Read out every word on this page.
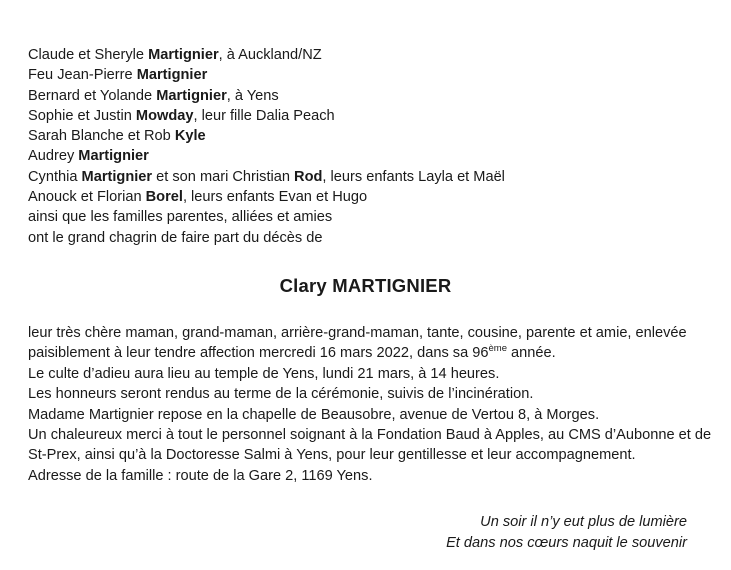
Claude et Sheryle Martignier, à Auckland/NZ
Feu Jean-Pierre Martignier
Bernard et Yolande Martignier, à Yens
Sophie et Justin Mowday, leur fille Dalia Peach
Sarah Blanche et Rob Kyle
Audrey Martignier
Cynthia Martignier et son mari Christian Rod, leurs enfants Layla et Maël
Anouck et Florian Borel, leurs enfants Evan et Hugo
ainsi que les familles parentes, alliées et amies
ont le grand chagrin de faire part du décès de
Clary MARTIGNIER
leur très chère maman, grand-maman, arrière-grand-maman, tante, cousine, parente et amie, enlevée
paisiblement à leur tendre affection mercredi 16 mars 2022, dans sa 96ème année.
Le culte d’adieu aura lieu au temple de Yens, lundi 21 mars, à 14 heures.
Les honneurs seront rendus au terme de la cérémonie, suivis de l’incinération.
Madame Martignier repose en la chapelle de Beausobre, avenue de Vertou 8, à Morges.
Un chaleureux merci à tout le personnel soignant à la Fondation Baud à Apples, au CMS d’Aubonne et de
St-Prex, ainsi qu’à la Doctoresse Salmi à Yens, pour leur gentillesse et leur accompagnement.
Adresse de la famille : route de la Gare 2, 1169 Yens.
Un soir il n’y eut plus de lumière
Et dans nos cœurs naquit le souvenir
